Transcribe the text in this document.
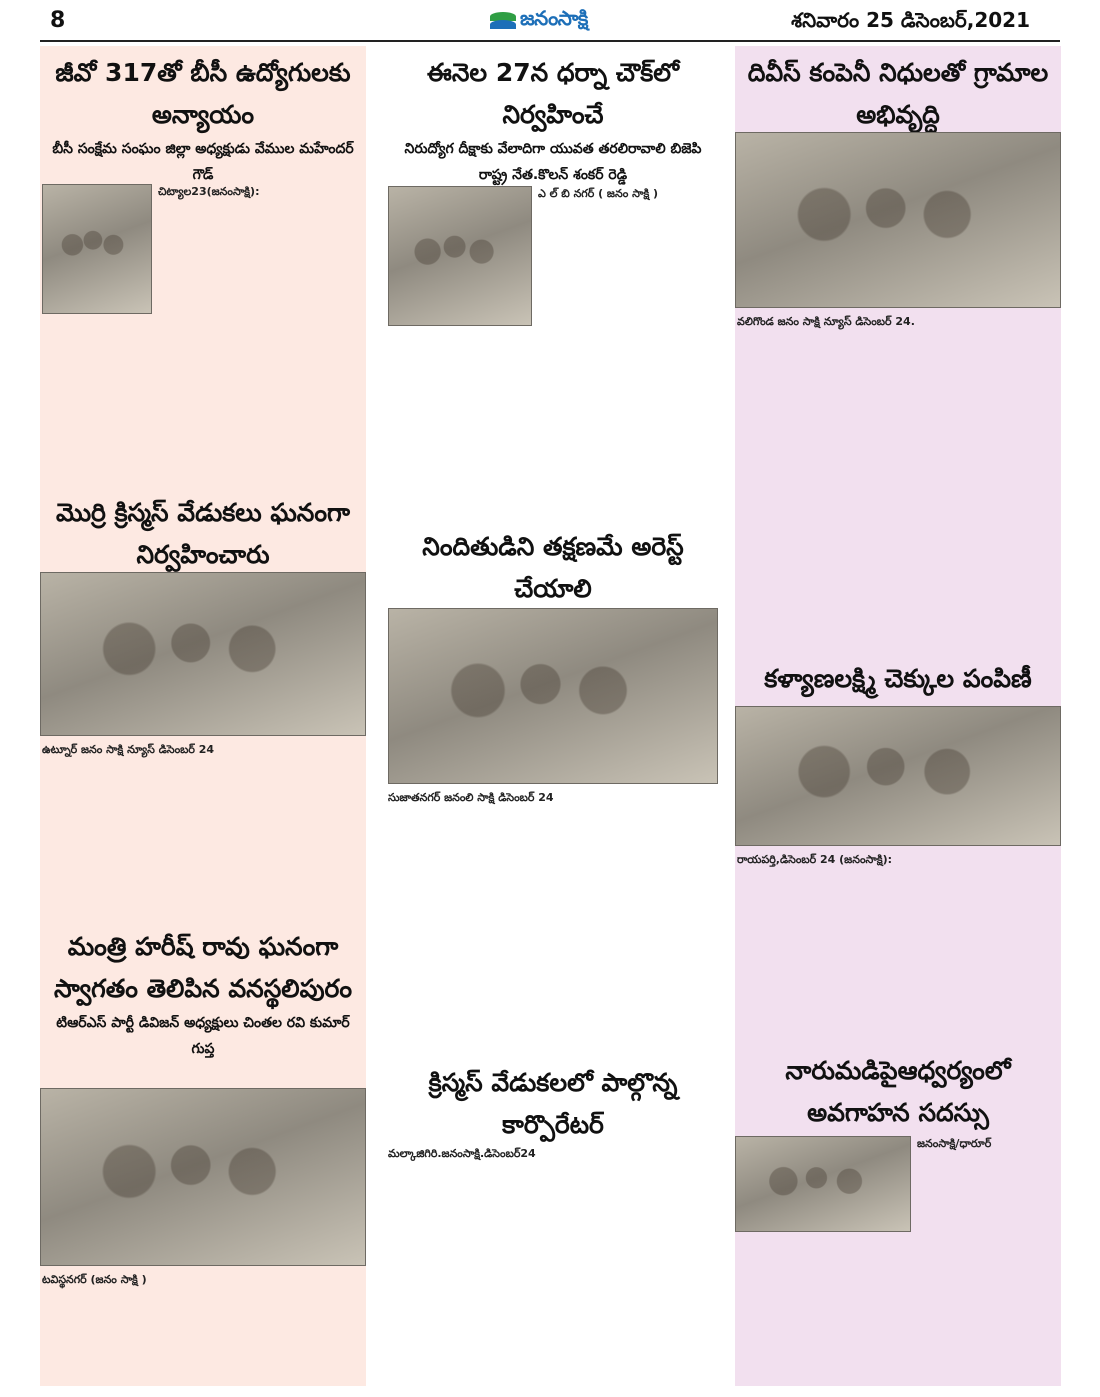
8	జనంసాక్షి	శనివారం 25 డిసెంబర్,2021
జీవో 317తో బీసీ ఉద్యోగులకు అన్యాయం

బీసీ సంక్షేమ సంఘం జిల్లా అధ్యక్షుడు వేముల మహేందర్ గౌడ్

చిట్యాల23(జనంసాక్షి):

మొర్రి క్రిస్మస్ వేడుకలు ఘనంగా నిర్వహించారు

ఉట్నూర్ జనం సాక్షి న్యూస్ డిసెంబర్ 24

మంత్రి హరీష్ రావు ఘనంగా స్వాగతం తెలిపిన వనస్థలిపురం

టిఆర్ఎస్ పార్టీ డివిజన్ అధ్యక్షులు చింతల రవి కుమార్ గుప్త

టవిస్థనగర్ (జనం సాక్షి )

ఈనెల 27న ధర్నా చౌక్‌లో నిర్వహించే

నిరుద్యోగ దీక్షాకు వేలాదిగా యువత తరలిరావాలి బిజెపి రాష్ట్ర నేత.కొలన్ శంకర్ రెడ్డి

ఎ ల్ బి నగర్ ( జనం సాక్షి )

నిందితుడిని తక్షణమే అరెస్ట్ చేయాలి

సుజాతనగర్ జనంలి సాక్షి డిసెంబర్ 24

క్రిస్మస్ వేడుకలలో పాల్గొన్న కార్పొరేటర్

మల్కాజిగిరి.జనంసాక్షి.డిసెంబర్24

దివీస్ కంపెనీ నిధులతో గ్రామాల అభివృద్ధి

వలిగొండ జనం సాక్షి న్యూస్ డిసెంబర్ 24.

కళ్యాణలక్ష్మి చెక్కుల పంపిణీ

రాయపర్తి,డిసెంబర్ 24 (జనంసాక్షి):

నారుమడిపైఆధ్వర్యంలో అవగాహన సదస్సు

జనంసాక్షి/ధారూర్
